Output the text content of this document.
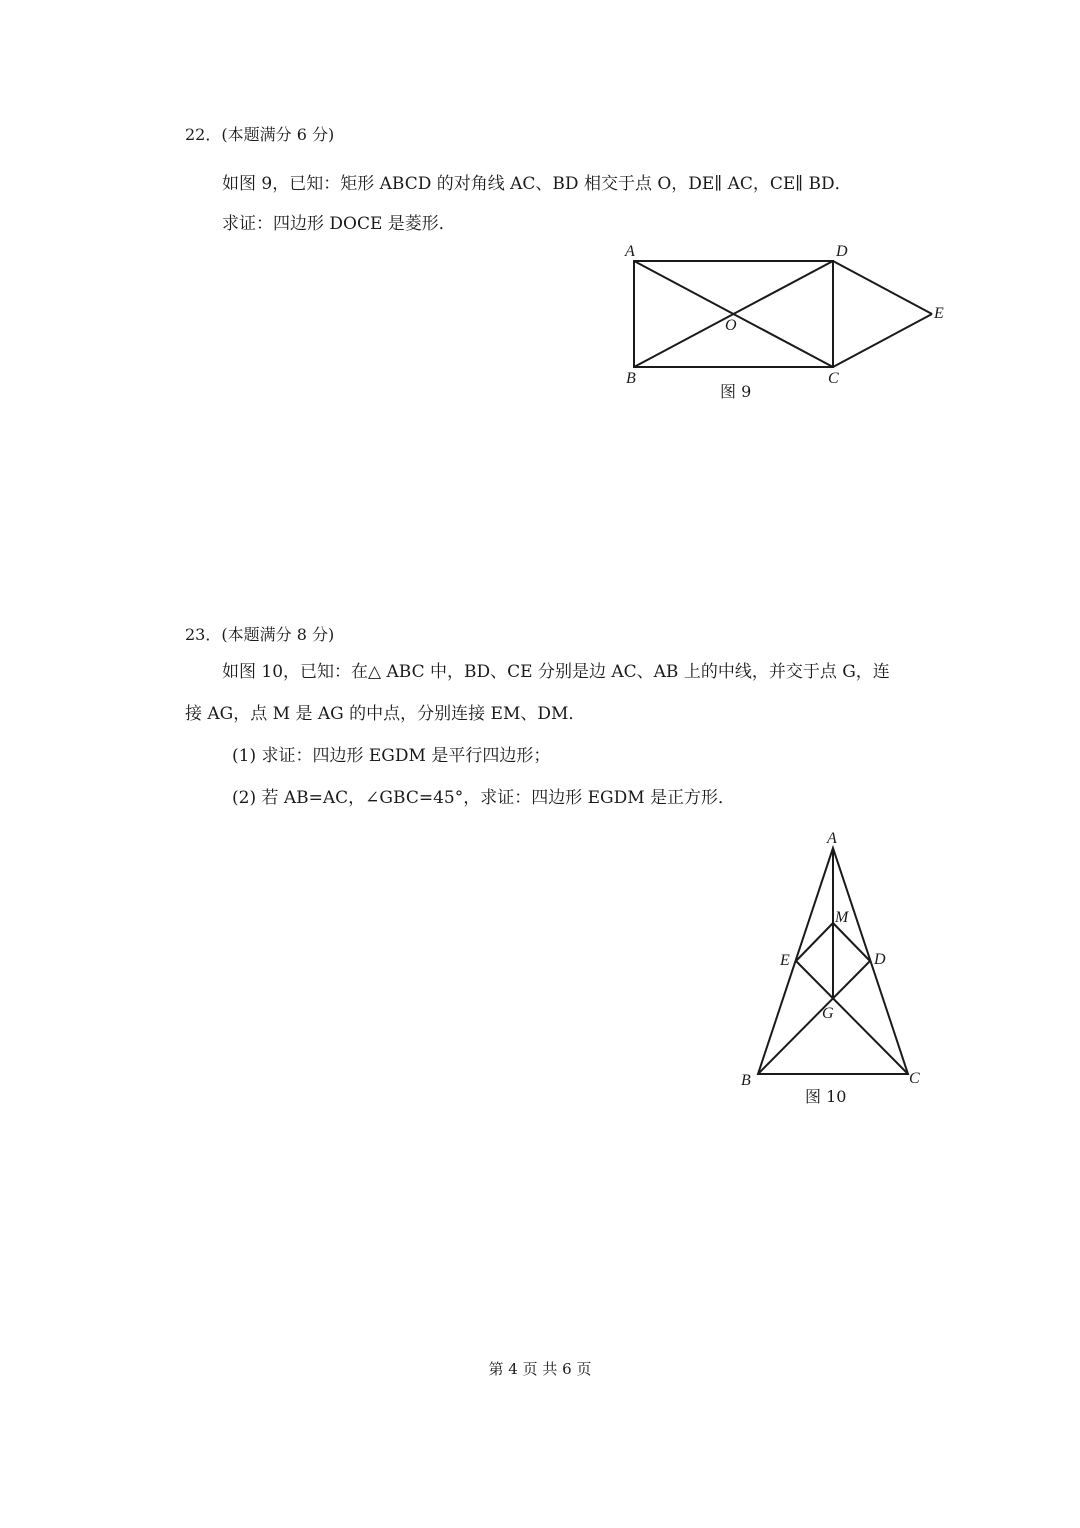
22．(本题满分 6 分)
如图 9，已知：矩形 ABCD 的对角线 AC、BD 相交于点 O，DE∥ AC，CE∥ BD．
求证：四边形 DOCE 是菱形．
A	D
E
O
B	C
图 9
23．(本题满分 8 分)
如图 10，已知：在△ ABC 中，BD、CE 分别是边 AC、AB 上的中线，并交于点 G，连
接 AG，点 M 是 AG 的中点，分别连接 EM、DM．
(1) 求证：四边形 EGDM 是平行四边形；
(2) 若 AB=AC，∠GBC=45°，求证：四边形 EGDM 是正方形．
A
M
E	D
G
B	C
图 10
第 4 页 共 6 页
